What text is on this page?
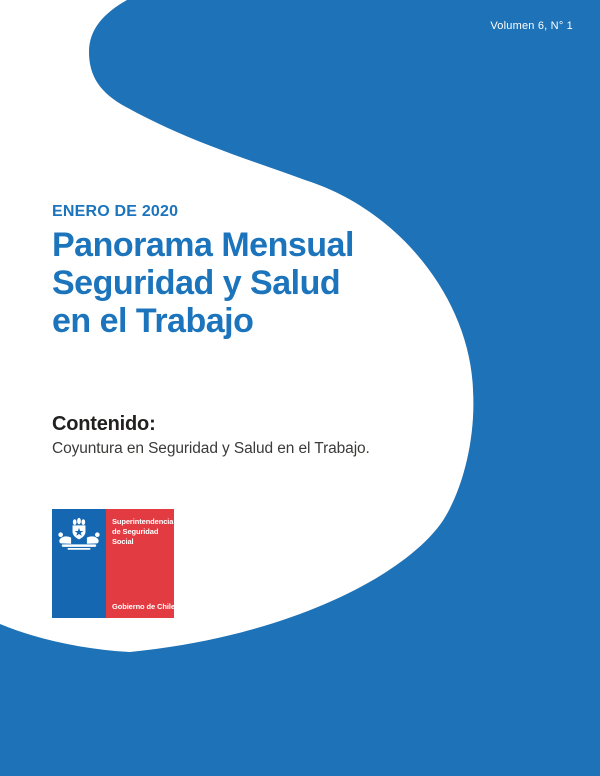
Volumen 6, N° 1
ENERO DE 2020
Panorama Mensual
Seguridad y Salud
en el Trabajo
Contenido:
Coyuntura en Seguridad y Salud en el Trabajo.
Superintendencia
de Seguridad
Social
Gobierno de Chile
